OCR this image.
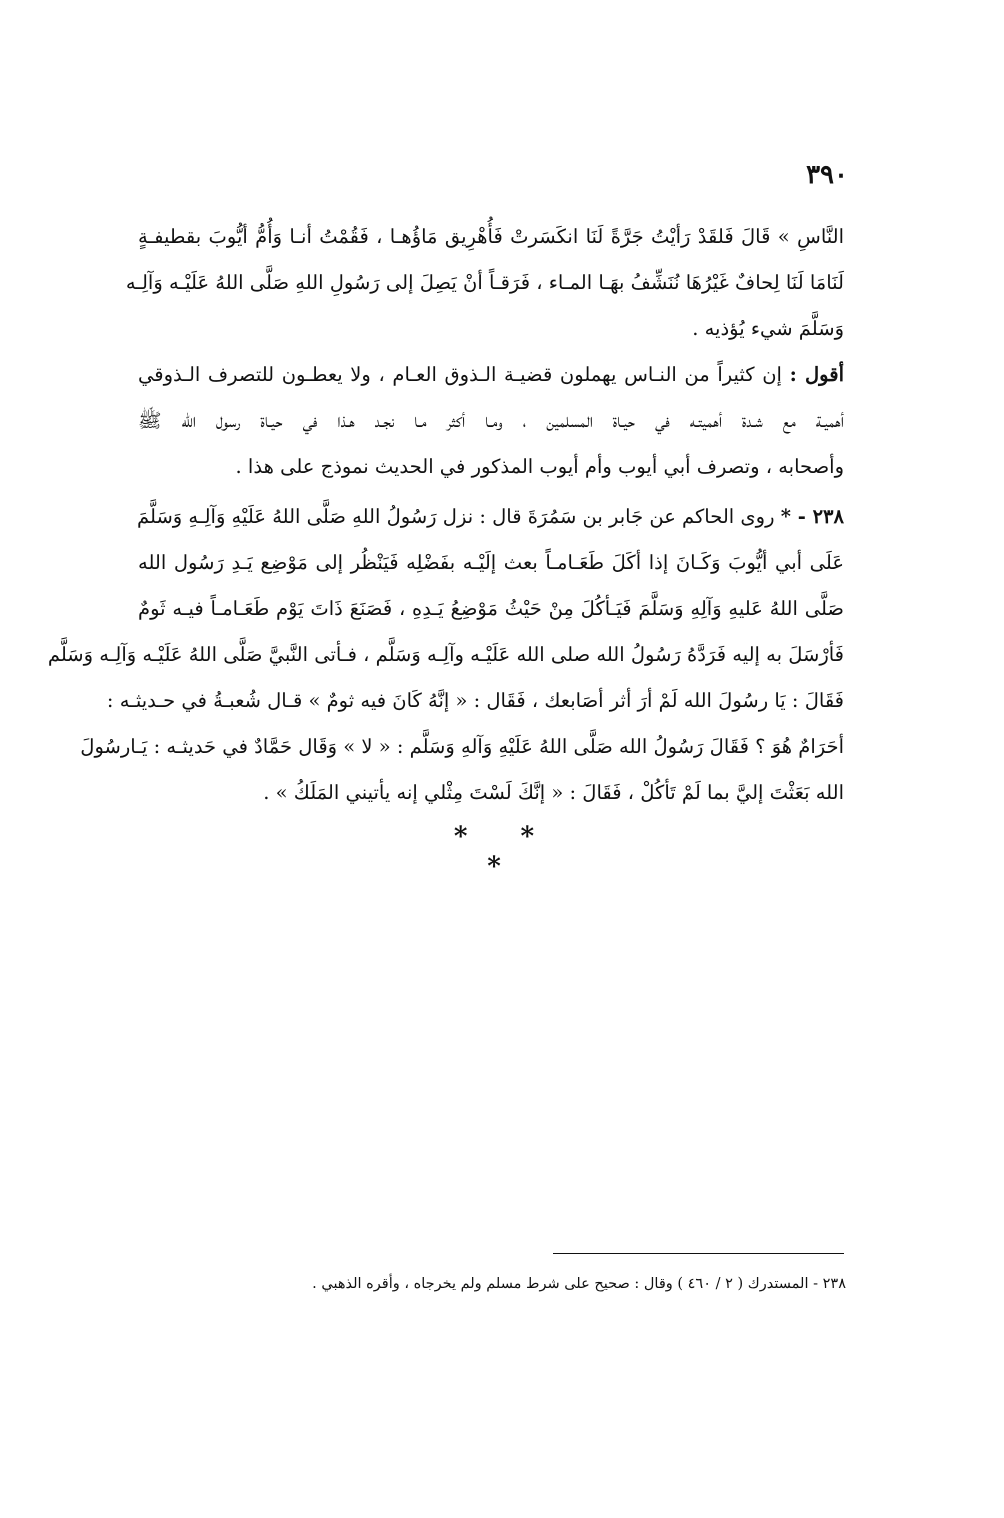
٣٩٠
النَّاسِ » قَالَ فَلقَدْ رَأيْتُ جَرَّةً لَنَا انكَسَرتْ فَأُهْرِيق مَاؤُهـا ، فَقُمْتُ أنـا وَأُمُّ أيُّوبَ بقطيفـةٍ
لَنَامَا لَنَا لِحافٌ غَيْرُهَا نُنَشِّفُ بهَـا المـاء ، فَرَقـاً أنْ يَصِلَ إلى رَسُولِ اللهِ صَلَّى اللهُ عَلَيْـه وَآلِـه
وَسَلَّمَ شيء يُؤذيه .
أقول : إن كثيراً من النـاس يهملون قضيـة الـذوق العـام ، ولا يعطـون للتصرف الـذوقي
أهميـة مع شـدة أهميتـه في حيـاة المسلمين ، ومـا أكثر مـا نجـد هـذا في حيـاة رسول الله ﷺ
وأصحابه ، وتصرف أبي أيوب وأم أيوب المذكور في الحديث نموذج على هذا .
٢٣٨ - * روى الحاكم عن جَابر بن سَمُرَةَ قال : نزل رَسُولُ اللهِ صَلَّى اللهُ عَلَيْهِ وَآلِـهِ وَسَلَّمَ
عَلَى أبي أيُّوبَ وَكَـانَ إذا أكَلَ طَعَـامـاً بعث إلَيْـه بفَضْلِه فَيَنْظُر إلى مَوْضِع يَـدِ رَسُول الله
صَلَّى اللهُ عَليهِ وَآلِهِ وَسَلَّمَ فَيَـأكُلَ مِنْ حَيْثُ مَوْضِعُ يَـدِهِ ، فَصَنَعَ ذَاتَ يَوْم طَعَـامـاً فيـه ثَومٌ
فَأرْسَلَ به إليه فَرَدَّهُ رَسُولُ الله صلى الله عَلَيْـه وآلِـه وَسَلَّم ، فـأتى النَّبيَّ صَلَّى اللهُ عَلَيْـه وَآلِـه وَسَلَّم
فَقَالَ : يَا رسُولَ الله لَمْ أرَ أثر أصَابعك ، فَقَال : « إنَّهُ كَانَ فيه ثومٌ » قـال شُعبـةُ في حـديثـه :
أحَرَامٌ هُوَ ؟ فَقَالَ رَسُولُ الله صَلَّى اللهُ عَلَيْهِ وَآلهِ وَسَلَّم : « لا » وَقَال حَمَّادٌ في حَديثـه : يَـارسُولَ
الله بَعَثْتَ إليَّ بما لَمْ تَأكُلْ ، فَقَالَ : « إنَّكَ لَسْتَ مِثْلي إنه يأتيني المَلَكُ » .
* * *
٢٣٨ - المستدرك ( ٢ / ٤٦٠ ) وقال : صحيح على شرط مسلم ولم يخرجاه ، وأقره الذهبي .
